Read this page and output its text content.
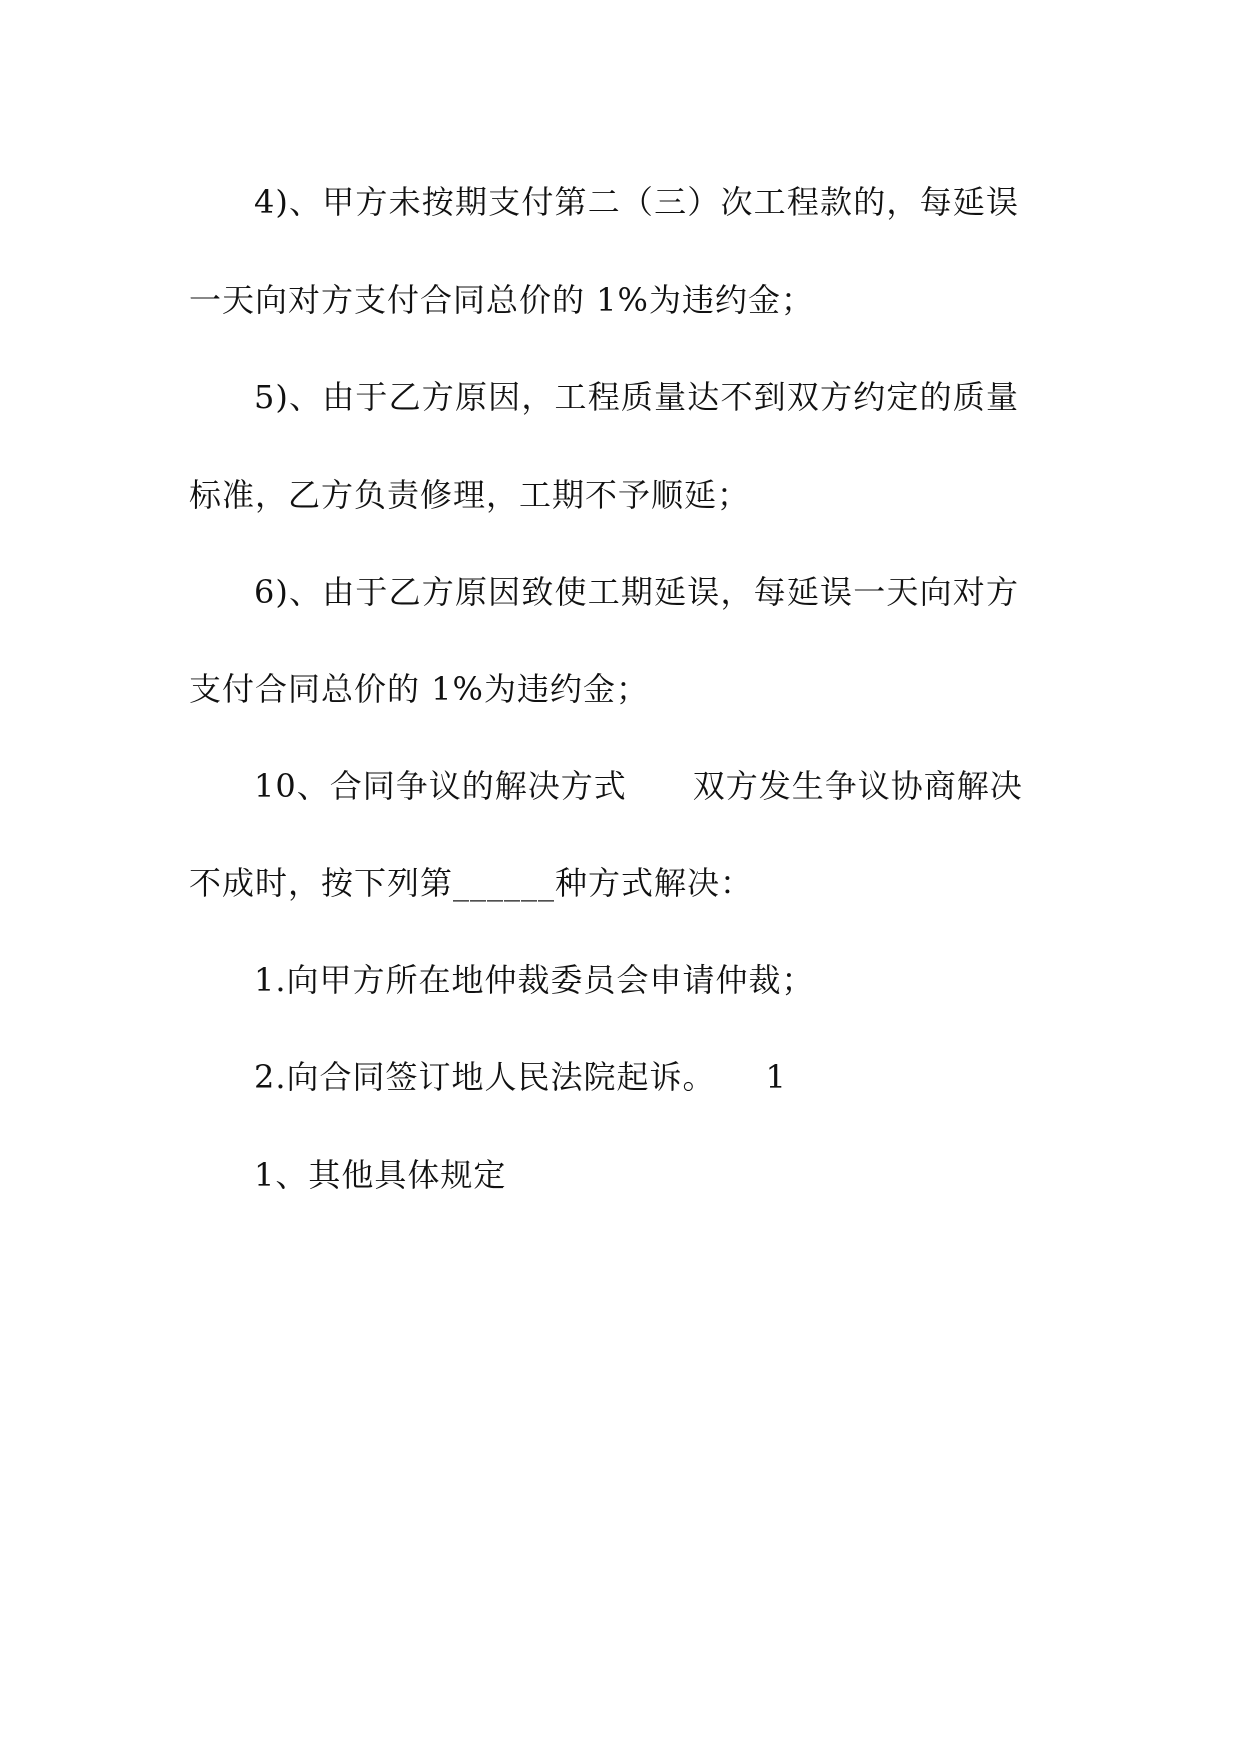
4)、甲方未按期支付第二（三）次工程款的，每延误
一天向对方支付合同总价的 1%为违约金；
5)、由于乙方原因，工程质量达不到双方约定的质量
标准，乙方负责修理，工期不予顺延；
6)、由于乙方原因致使工期延误，每延误一天向对方
支付合同总价的 1%为违约金；
10、合同争议的解决方式　　双方发生争议协商解决
不成时，按下列第______种方式解决：
1.向甲方所在地仲裁委员会申请仲裁；
2.向合同签订地人民法院起诉。　　1
1、其他具体规定
